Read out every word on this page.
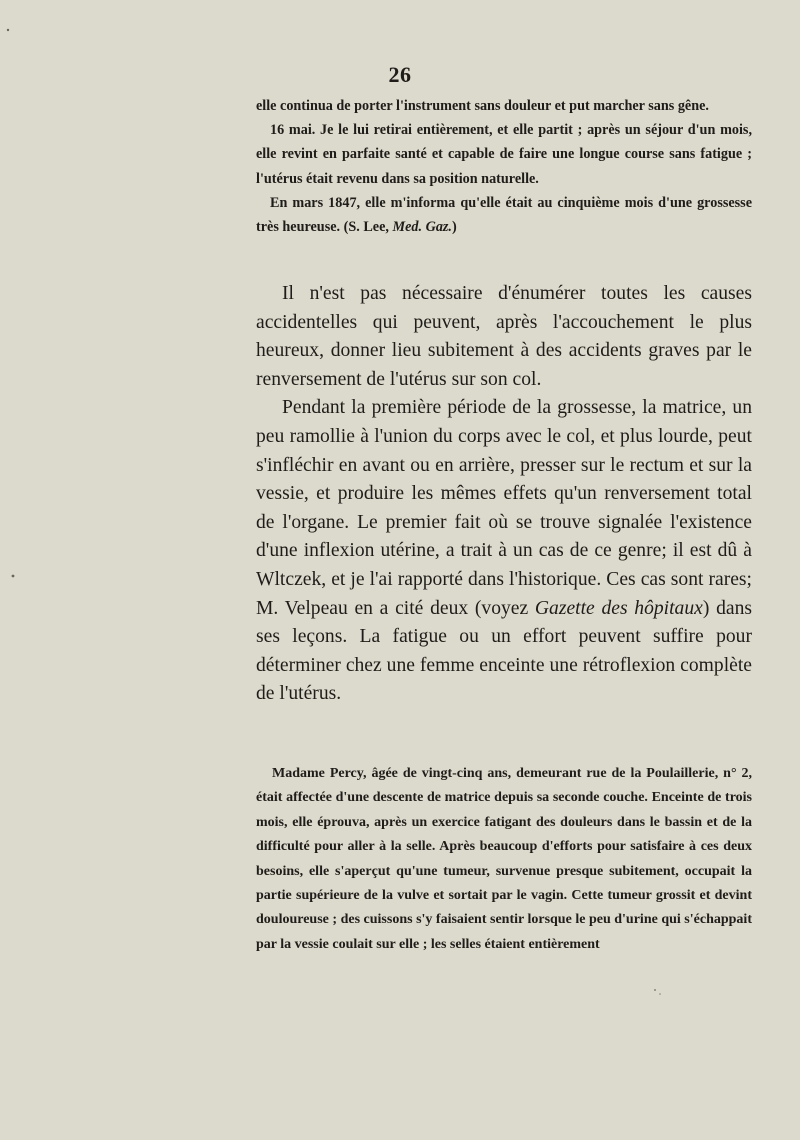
26

elle continua de porter l'instrument sans douleur et put marcher sans gêne.

16 mai. Je le lui retirai entièrement, et elle partit ; après un séjour d'un mois, elle revint en parfaite santé et capable de faire une longue course sans fatigue ; l'utérus était revenu dans sa position naturelle.

En mars 1847, elle m'informa qu'elle était au cinquième mois d'une grossesse très heureuse. (S. Lee, Med. Gaz.)

Il n'est pas nécessaire d'énumérer toutes les causes accidentelles qui peuvent, après l'accouchement le plus heureux, donner lieu subitement à des accidents graves par le renversement de l'utérus sur son col.

Pendant la première période de la grossesse, la matrice, un peu ramollie à l'union du corps avec le col, et plus lourde, peut s'infléchir en avant ou en arrière, presser sur le rectum et sur la vessie, et produire les mêmes effets qu'un renversement total de l'organe. Le premier fait où se trouve signalée l'existence d'une inflexion utérine, a trait à un cas de ce genre; il est dû à Wltczek, et je l'ai rapporté dans l'historique. Ces cas sont rares; M. Velpeau en a cité deux (voyez Gazette des hôpitaux) dans ses leçons. La fatigue ou un effort peuvent suffire pour déterminer chez une femme enceinte une rétroflexion complète de l'utérus.

Madame Percy, âgée de vingt-cinq ans, demeurant rue de la Poulaillerie, n° 2, était affectée d'une descente de matrice depuis sa seconde couche. Enceinte de trois mois, elle éprouva, après un exercice fatigant des douleurs dans le bassin et de la difficulté pour aller à la selle. Après beaucoup d'efforts pour satisfaire à ces deux besoins, elle s'aperçut qu'une tumeur, survenue presque subitement, occupait la partie supérieure de la vulve et sortait par le vagin. Cette tumeur grossit et devint douloureuse ; des cuissons s'y faisaient sentir lorsque le peu d'urine qui s'échappait par la vessie coulait sur elle ; les selles étaient entièrement
